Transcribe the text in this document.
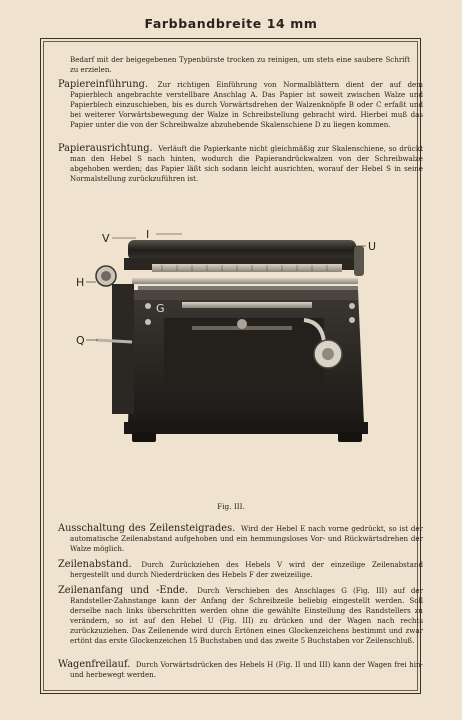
Farbbandbreite 14 mm
Bedarf mit der beigegebenen Typenbürste trocken zu reinigen, um stets eine saubere Schrift zu erzielen.
Papiereinführung. Zur richtigen Einführung von Normalblättern dient der auf dem Papierblech angebrachte verstellbare Anschlag A. Das Papier ist soweit zwischen Walze und Papierblech einzuschieben, bis es durch Vorwärtsdrehen der Walzenknöpfe B oder C erfaßt und bei weiterer Vorwärtsbewegung der Walze in Schreibstellung gebracht wird. Hierbei muß das Papier unter die von der Schreibwalze abzuhebende Skalenschiene D zu liegen kommen.
Papierausrichtung. Verläuft die Papierkante nicht gleichmäßig zur Skalenschiene, so drückt man den Hebel S nach hinten, wodurch die Papierandrückwalzen von der Schreibwalze abgehoben werden; das Papier läßt sich sodann leicht ausrichten, worauf der Hebel S in seine Normalstellung zurückzuführen ist.
V	I
U
H
G
Q
Fig. III.
Ausschaltung des Zeilensteigrades. Wird der Hebel E nach vorne gedrückt, so ist der automatische Zeilenabstand aufgehoben und ein hemmungsloses Vor- und Rückwärtsdrehen der Walze möglich.
Zeilenabstand. Durch Zurückziehen des Hebels V wird der einzeilige Zeilenabstand hergestellt und durch Niederdrücken des Hebels F der zweizeilige.
Zeilenanfang und -Ende. Durch Verschieben des Anschlages G (Fig. III) auf der Randsteller-Zahnstange kann der Anfang der Schreibzeile beliebig eingestellt werden. Soll derselbe nach links überschritten werden ohne die gewählte Einstellung des Randstellers zu verändern, so ist auf den Hebel U (Fig. III) zu drücken und der Wagen nach rechts zurückzuziehen. Das Zeilenende wird durch Ertönen eines Glockenzeichens bestimmt und zwar ertönt das erste Glockenzeichen 15 Buchstaben und das zweite 5 Buchstaben vor Zeilenschluß.
Wagenfreilauf. Durch Vorwärtsdrücken des Hebels H (Fig. II und III) kann der Wagen frei hin- und herbewegt werden.
